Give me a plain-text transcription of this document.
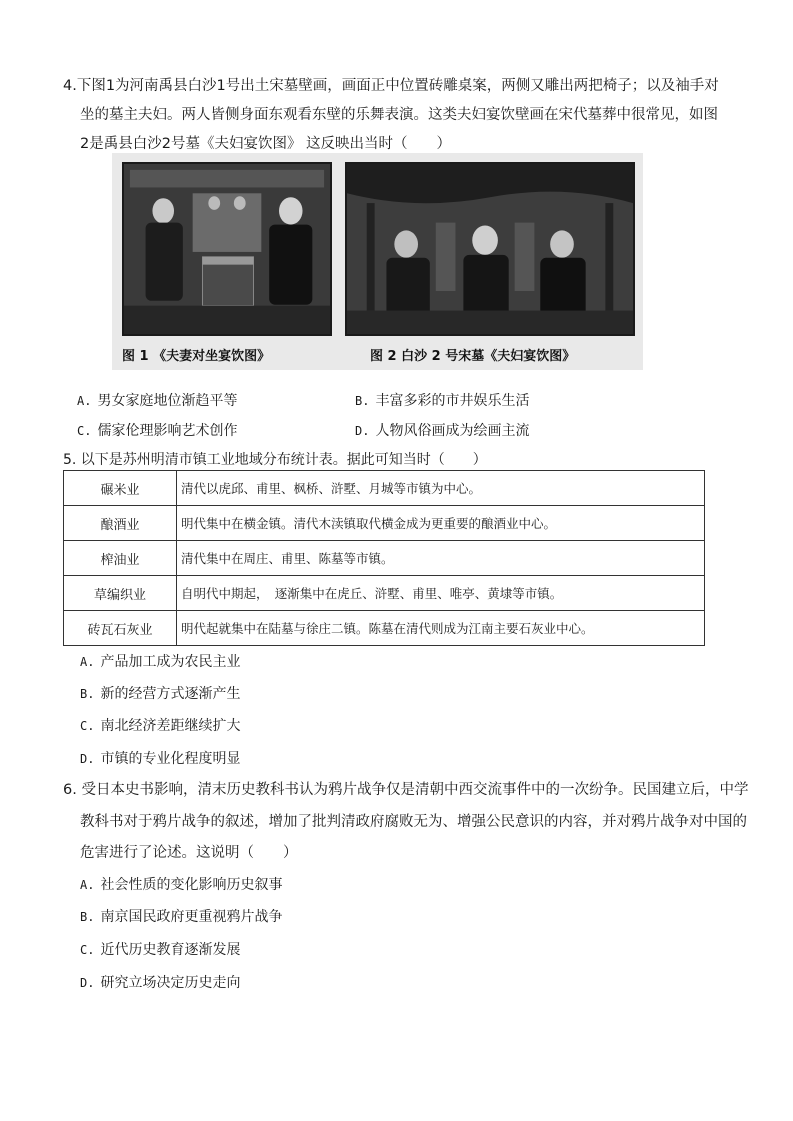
4.下图1为河南禹县白沙1号出土宋墓壁画，画面正中位置砖雕桌案，两侧又雕出两把椅子；以及袖手对
坐的墓主夫妇。两人皆侧身面东观看东壁的乐舞表演。这类夫妇宴饮壁画在宋代墓葬中很常见，如图
2是禹县白沙2号墓《夫妇宴饮图》 这反映出当时（　　）
图 1 《夫妻对坐宴饮图》	图 2 白沙 2 号宋墓《夫妇宴饮图》
A. 男女家庭地位渐趋平等	B. 丰富多彩的市井娱乐生活
C. 儒家伦理影响艺术创作	D. 人物风俗画成为绘画主流
5. 以下是苏州明清市镇工业地域分布统计表。据此可知当时（　　）
碾米业	清代以虎邱、甫里、枫桥、浒墅、月城等市镇为中心。
酿酒业	明代集中在横金镇。清代木渎镇取代横金成为更重要的酿酒业中心。
榨油业	清代集中在周庄、甫里、陈墓等市镇。
草编织业	自明代中期起，　逐渐集中在虎丘、浒墅、甫里、唯亭、黄埭等市镇。
砖瓦石灰业	明代起就集中在陆墓与徐庄二镇。陈墓在清代则成为江南主要石灰业中心。
A. 产品加工成为农民主业
B. 新的经营方式逐渐产生
C. 南北经济差距继续扩大
D. 市镇的专业化程度明显
6. 受日本史书影响，清末历史教科书认为鸦片战争仅是清朝中西交流事件中的一次纷争。民国建立后，中学
教科书对于鸦片战争的叙述，增加了批判清政府腐败无为、增强公民意识的内容，并对鸦片战争对中国的
危害进行了论述。这说明（　　）
A. 社会性质的变化影响历史叙事
B. 南京国民政府更重视鸦片战争
C. 近代历史教育逐渐发展
D. 研究立场决定历史走向
